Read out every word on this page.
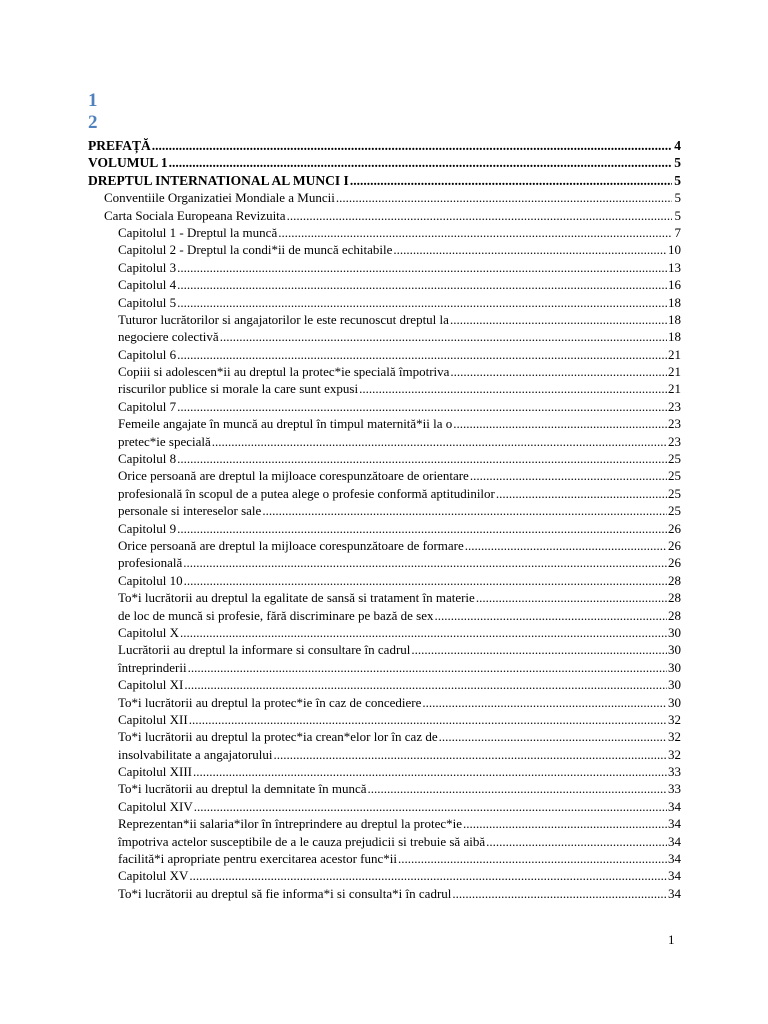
1
2
PREFAȚĂ .....	4
VOLUMUL 1 .....	5
DREPTUL INTERNATIONAL AL MUNCI I .....	5
Conventiile Organizatiei Mondiale a Muncii .....	5
Carta Sociala Europeana Revizuita .....	5
Capitolul 1 - Dreptul la muncă .....	7
Capitolul 2 - Dreptul la condi*ii de muncă echitabile .....	10
Capitolul 3 .....	13
Capitolul 4 .....	16
Capitolul 5 .....	18
Tuturor lucrătorilor si angajatorilor le este recunoscut dreptul la .....	18
negociere colectivă .....	18
Capitolul 6 .....	21
Copiii si adolescen*ii au dreptul la protec*ie specială împotriva .....	21
riscurilor publice si morale la care sunt expusi .....	21
Capitolul 7 .....	23
Femeile angajate în muncă au dreptul în timpul maternită*ii la o .....	23
pretec*ie specială .....	23
Capitolul 8 .....	25
Orice persoană are dreptul la mijloace corespunzătoare de orientare .....	25
profesională în scopul de a putea alege o profesie conformă aptitudinilor .....	25
personale si intereselor sale .....	25
Capitolul 9 .....	26
Orice persoană are dreptul la mijloace corespunzătoare de formare .....	26
profesională .....	26
Capitolul 10 .....	28
To*i lucrătorii au dreptul la egalitate de sansă si tratament în materie .....	28
de loc de muncă si profesie, fără discriminare pe bază de sex .....	28
Capitolul X .....	30
Lucrătorii au dreptul la informare si consultare în cadrul .....	30
întreprinderii .....	30
Capitolul XI .....	30
To*i lucrătorii au dreptul la protec*ie în caz de concediere .....	30
Capitolul XII .....	32
To*i lucrătorii au dreptul la protec*ia crean*elor lor în caz de .....	32
insolvabilitate a angajatorului .....	32
Capitolul XIII .....	33
To*i lucrătorii au dreptul la demnitate în muncă .....	33
Capitolul XIV .....	34
Reprezentan*ii salaria*ilor în întreprindere au dreptul la protec*ie .....	34
împotriva actelor susceptibile de a le cauza prejudicii si trebuie să aibă .....	34
facilită*i apropriate pentru exercitarea acestor func*ii .....	34
Capitolul XV .....	34
To*i lucrătorii au dreptul să fie informa*i si consulta*i în cadrul .....	34
1
